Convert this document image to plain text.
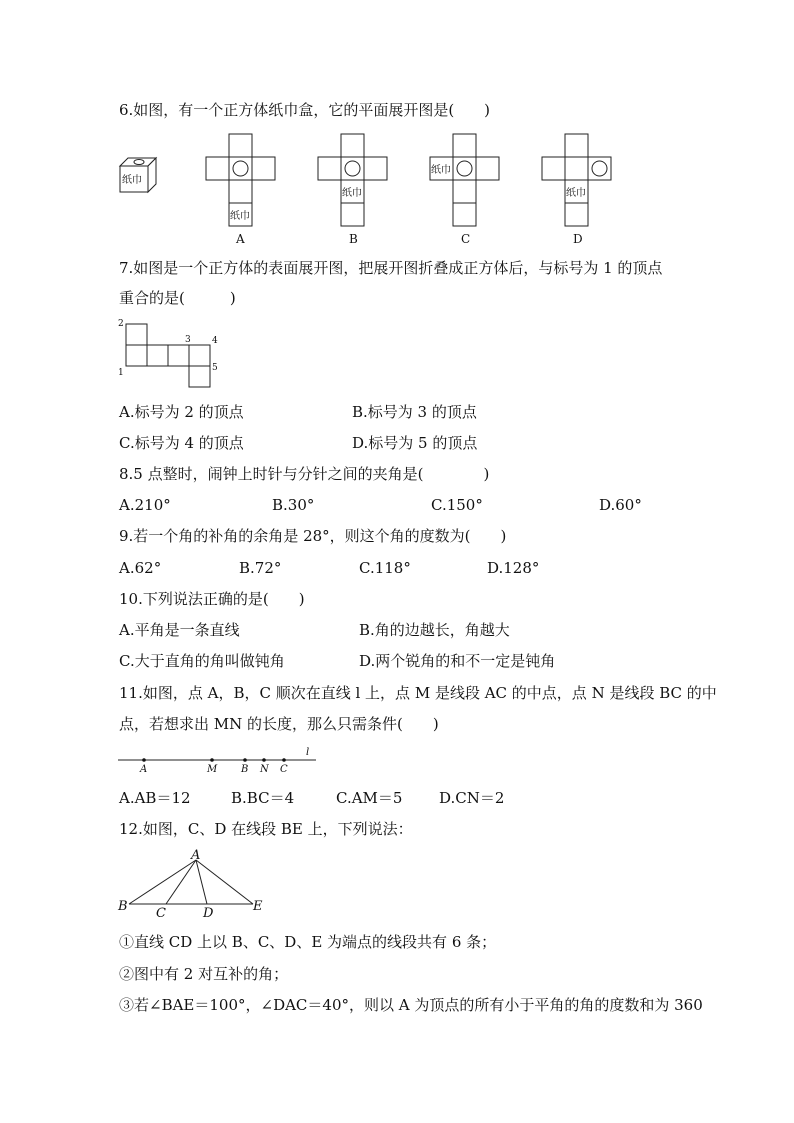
6.如图，有一个正方体纸巾盒，它的平面展开图是(　　)
纸巾
纸巾
A
纸巾
B
纸巾
C
纸巾
D
7.如图是一个正方体的表面展开图，把展开图折叠成正方体后，与标号为 1 的顶点
重合的是(　　　)
2
1
3 4
5
A.标号为 2 的顶点	B.标号为 3 的顶点
C.标号为 4 的顶点	D.标号为 5 的顶点
8.5 点整时，闹钟上时针与分针之间的夹角是(　　　　)
A.210°	B.30°	C.150°	D.60°
9.若一个角的补角的余角是 28°，则这个角的度数为(　　)
A.62°	B.72°	C.118°	D.128°
10.下列说法正确的是(　　)
A.平角是一条直线	B.角的边越长，角越大
C.大于直角的角叫做钝角	D.两个锐角的和不一定是钝角
11.如图，点 A，B，C 顺次在直线 l 上，点 M 是线段 AC 的中点，点 N 是线段 BC 的中
点，若想求出 MN 的长度，那么只需条件(　　)
A	M B N C
l
A.AB＝12	B.BC＝4	C.AM＝5 D.CN＝2
12.如图，C、D 在线段 BE 上，下列说法：
A
B C	D	E
①直线 CD 上以 B、C、D、E 为端点的线段共有 6 条；
②图中有 2 对互补的角；
③若∠BAE＝100°，∠DAC＝40°，则以 A 为顶点的所有小于平角的角的度数和为 360
